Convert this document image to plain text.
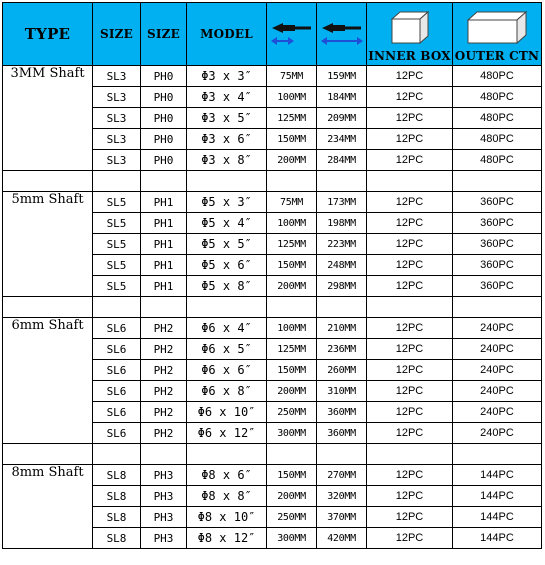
TYPE	SIZE	SIZE	MODEL			INNER BOX	OUTER CTN

3MM Shaft	SL3	PH0	Φ3 x 3″	75MM	159MM	12PC	480PC
	SL3	PH0	Φ3 x 4″	100MM	184MM	12PC	480PC
	SL3	PH0	Φ3 x 5″	125MM	209MM	12PC	480PC
	SL3	PH0	Φ3 x 6″	150MM	234MM	12PC	480PC
	SL3	PH0	Φ3 x 8″	200MM	284MM	12PC	480PC

5mm Shaft	SL5	PH1	Φ5 x 3″	75MM	173MM	12PC	360PC
	SL5	PH1	Φ5 x 4″	100MM	198MM	12PC	360PC
	SL5	PH1	Φ5 x 5″	125MM	223MM	12PC	360PC
	SL5	PH1	Φ5 x 6″	150MM	248MM	12PC	360PC
	SL5	PH1	Φ5 x 8″	200MM	298MM	12PC	360PC

6mm Shaft	SL6	PH2	Φ6 x 4″	100MM	210MM	12PC	240PC
	SL6	PH2	Φ6 x 5″	125MM	236MM	12PC	240PC
	SL6	PH2	Φ6 x 6″	150MM	260MM	12PC	240PC
	SL6	PH2	Φ6 x 8″	200MM	310MM	12PC	240PC
	SL6	PH2	Φ6 x 10″	250MM	360MM	12PC	240PC
	SL6	PH2	Φ6 x 12″	300MM	360MM	12PC	240PC

8mm Shaft	SL8	PH3	Φ8 x 6″	150MM	270MM	12PC	144PC
	SL8	PH3	Φ8 x 8″	200MM	320MM	12PC	144PC
	SL8	PH3	Φ8 x 10″	250MM	370MM	12PC	144PC
	SL8	PH3	Φ8 x 12″	300MM	420MM	12PC	144PC
